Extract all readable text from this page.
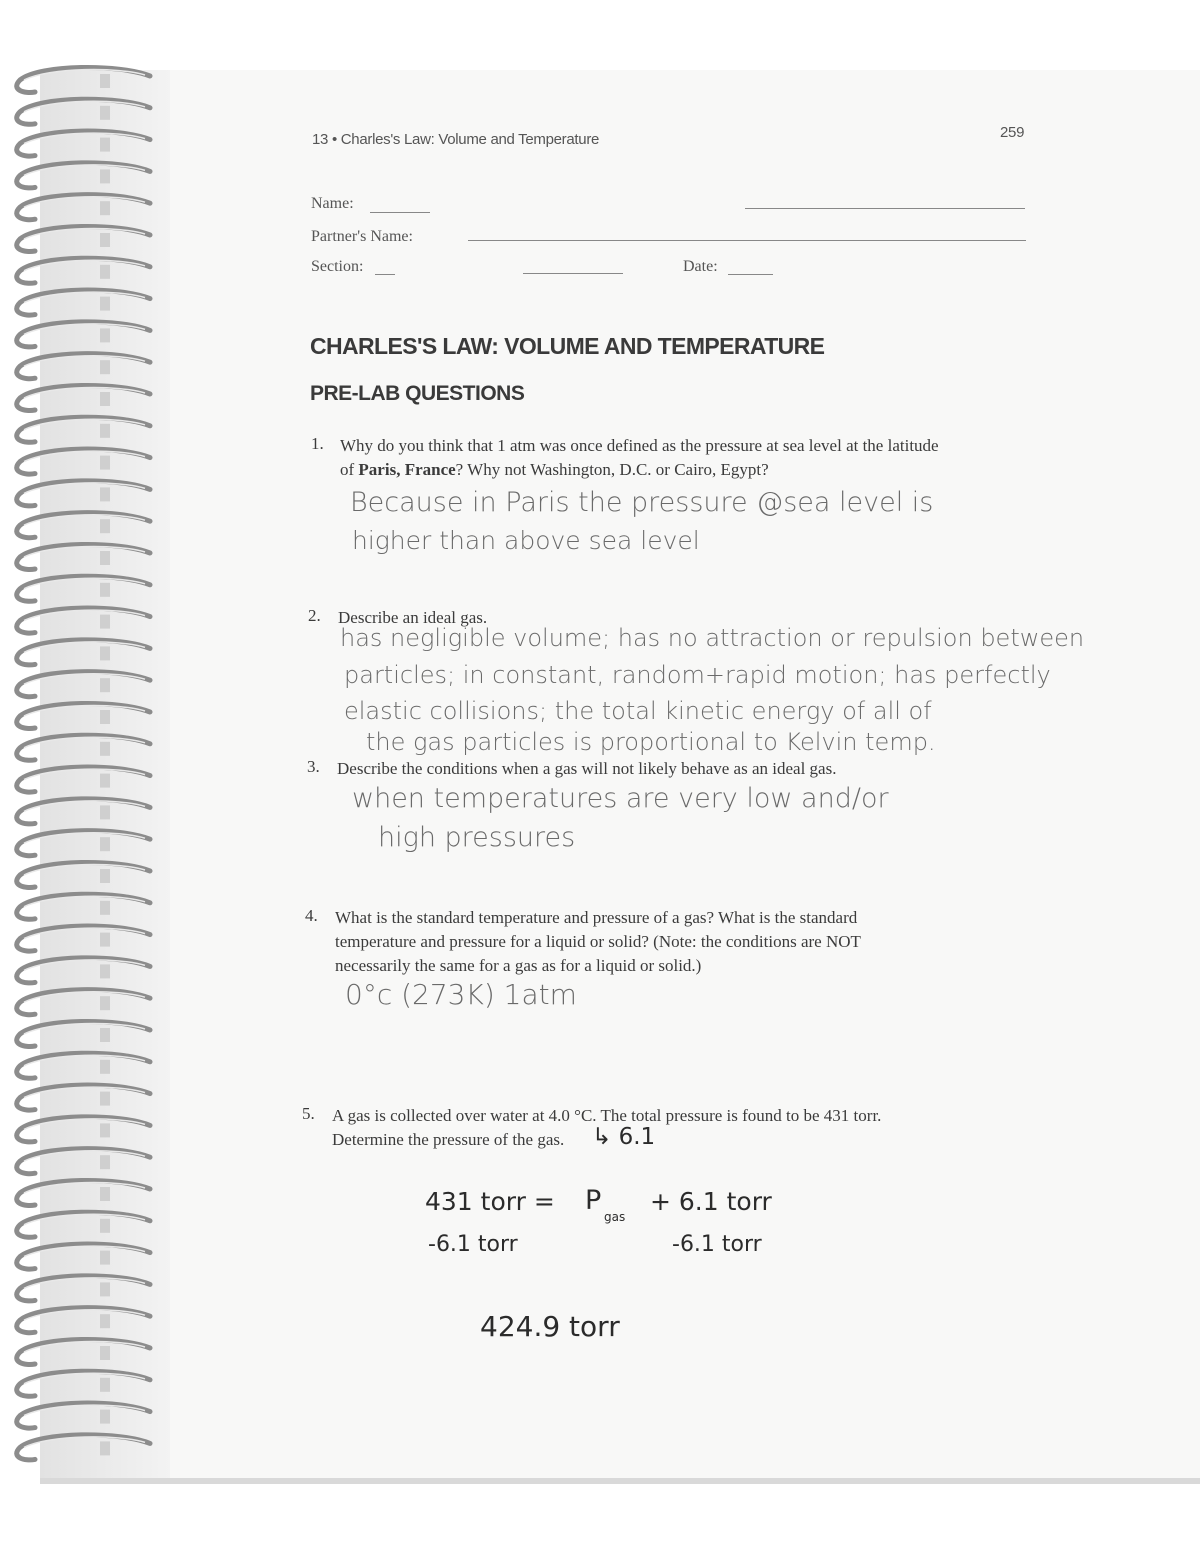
13 • Charles's Law: Volume and Temperature	259
Name:
Partner's Name:
Section:	Date:
CHARLES'S LAW: VOLUME AND TEMPERATURE
PRE-LAB QUESTIONS
1. Why do you think that 1 atm was once defined as the pressure at sea level at the latitude
of Paris, France? Why not Washington, D.C. or Cairo, Egypt?
Because in Paris the pressure @sea level is
higher than above sea level
2. Describe an ideal gas.
has negligible volume; has no attraction or repulsion between
particles; in constant, random+rapid motion; has perfectly
elastic collisions; the total kinetic energy of all of
the gas particles is proportional to Kelvin temp.
3. Describe the conditions when a gas will not likely behave as an ideal gas.
when temperatures are very low and/or
high pressures
4. What is the standard temperature and pressure of a gas? What is the standard
temperature and pressure for a liquid or solid? (Note: the conditions are NOT
necessarily the same for a gas as for a liquid or solid.)
0°c (273K) 1atm
5. A gas is collected over water at 4.0 °C. The total pressure is found to be 431 torr.
Determine the pressure of the gas. ↳ 6.1
431 torr = P
gas
+ 6.1 torr
-6.1 torr	-6.1 torr
424.9 torr
